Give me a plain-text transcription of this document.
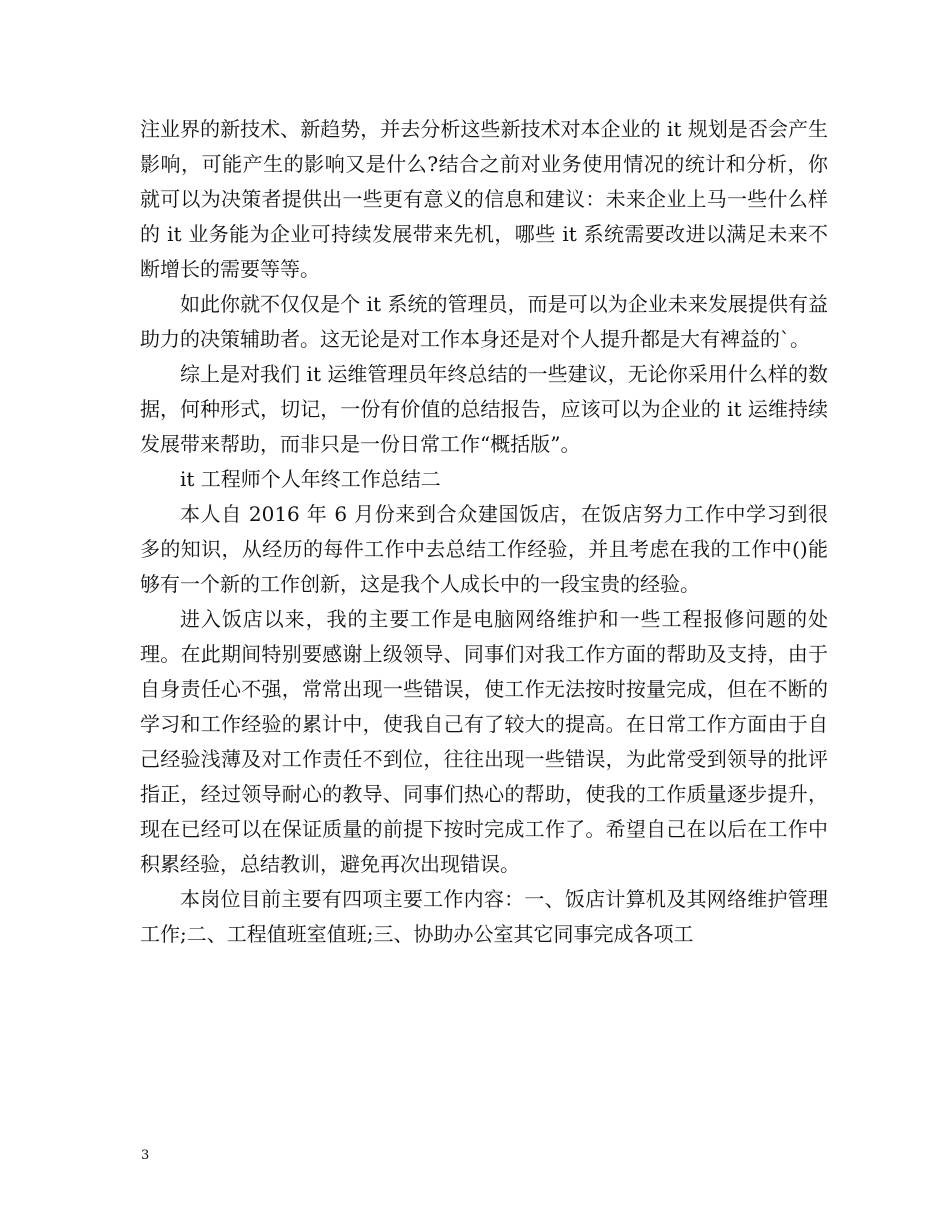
注业界的新技术、新趋势，并去分析这些新技术对本企业的 it 规划是否会产生影响，可能产生的影响又是什么?结合之前对业务使用情况的统计和分析，你就可以为决策者提供出一些更有意义的信息和建议：未来企业上马一些什么样的 it 业务能为企业可持续发展带来先机，哪些 it 系统需要改进以满足未来不断增长的需要等等。

如此你就不仅仅是个 it 系统的管理员，而是可以为企业未来发展提供有益助力的决策辅助者。这无论是对工作本身还是对个人提升都是大有裨益的`。

综上是对我们 it 运维管理员年终总结的一些建议，无论你采用什么样的数据，何种形式，切记，一份有价值的总结报告，应该可以为企业的 it 运维持续发展带来帮助，而非只是一份日常工作“概括版”。

it 工程师个人年终工作总结二

本人自 2016 年 6 月份来到合众建国饭店，在饭店努力工作中学习到很多的知识，从经历的每件工作中去总结工作经验，并且考虑在我的工作中()能够有一个新的工作创新，这是我个人成长中的一段宝贵的经验。

进入饭店以来，我的主要工作是电脑网络维护和一些工程报修问题的处理。在此期间特别要感谢上级领导、同事们对我工作方面的帮助及支持，由于自身责任心不强，常常出现一些错误，使工作无法按时按量完成，但在不断的学习和工作经验的累计中，使我自己有了较大的提高。在日常工作方面由于自己经验浅薄及对工作责任不到位，往往出现一些错误，为此常受到领导的批评指正，经过领导耐心的教导、同事们热心的帮助，使我的工作质量逐步提升，现在已经可以在保证质量的前提下按时完成工作了。希望自己在以后在工作中积累经验，总结教训，避免再次出现错误。

本岗位目前主要有四项主要工作内容：一、饭店计算机及其网络维护管理工作;二、工程值班室值班;三、协助办公室其它同事完成各项工

3
